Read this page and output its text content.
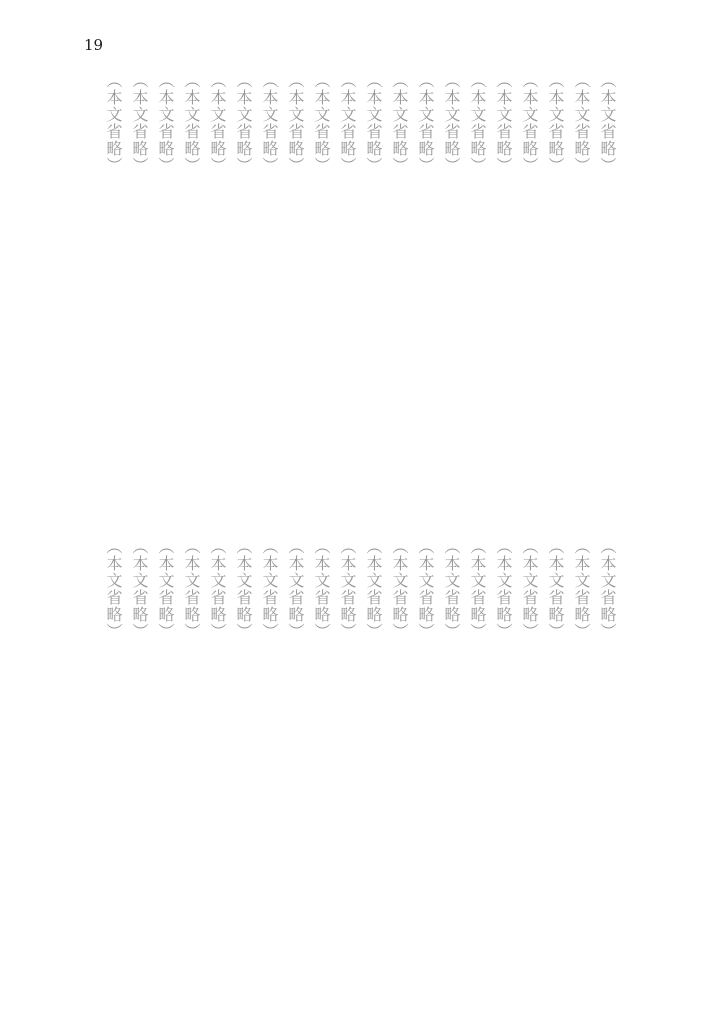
19
（本文省略）
（本文省略）
（本文省略）
（本文省略）
（本文省略）
（本文省略）
（本文省略）
（本文省略）
（本文省略）
（本文省略）
（本文省略）
（本文省略）
（本文省略）
（本文省略）
（本文省略）
（本文省略）
（本文省略）
（本文省略）
（本文省略）
（本文省略）
（本文省略）
（本文省略）
（本文省略）
（本文省略）
（本文省略）
（本文省略）
（本文省略）
（本文省略）
（本文省略）
（本文省略）
（本文省略）
（本文省略）
（本文省略）
（本文省略）
（本文省略）
（本文省略）
（本文省略）
（本文省略）
（本文省略）
（本文省略）
